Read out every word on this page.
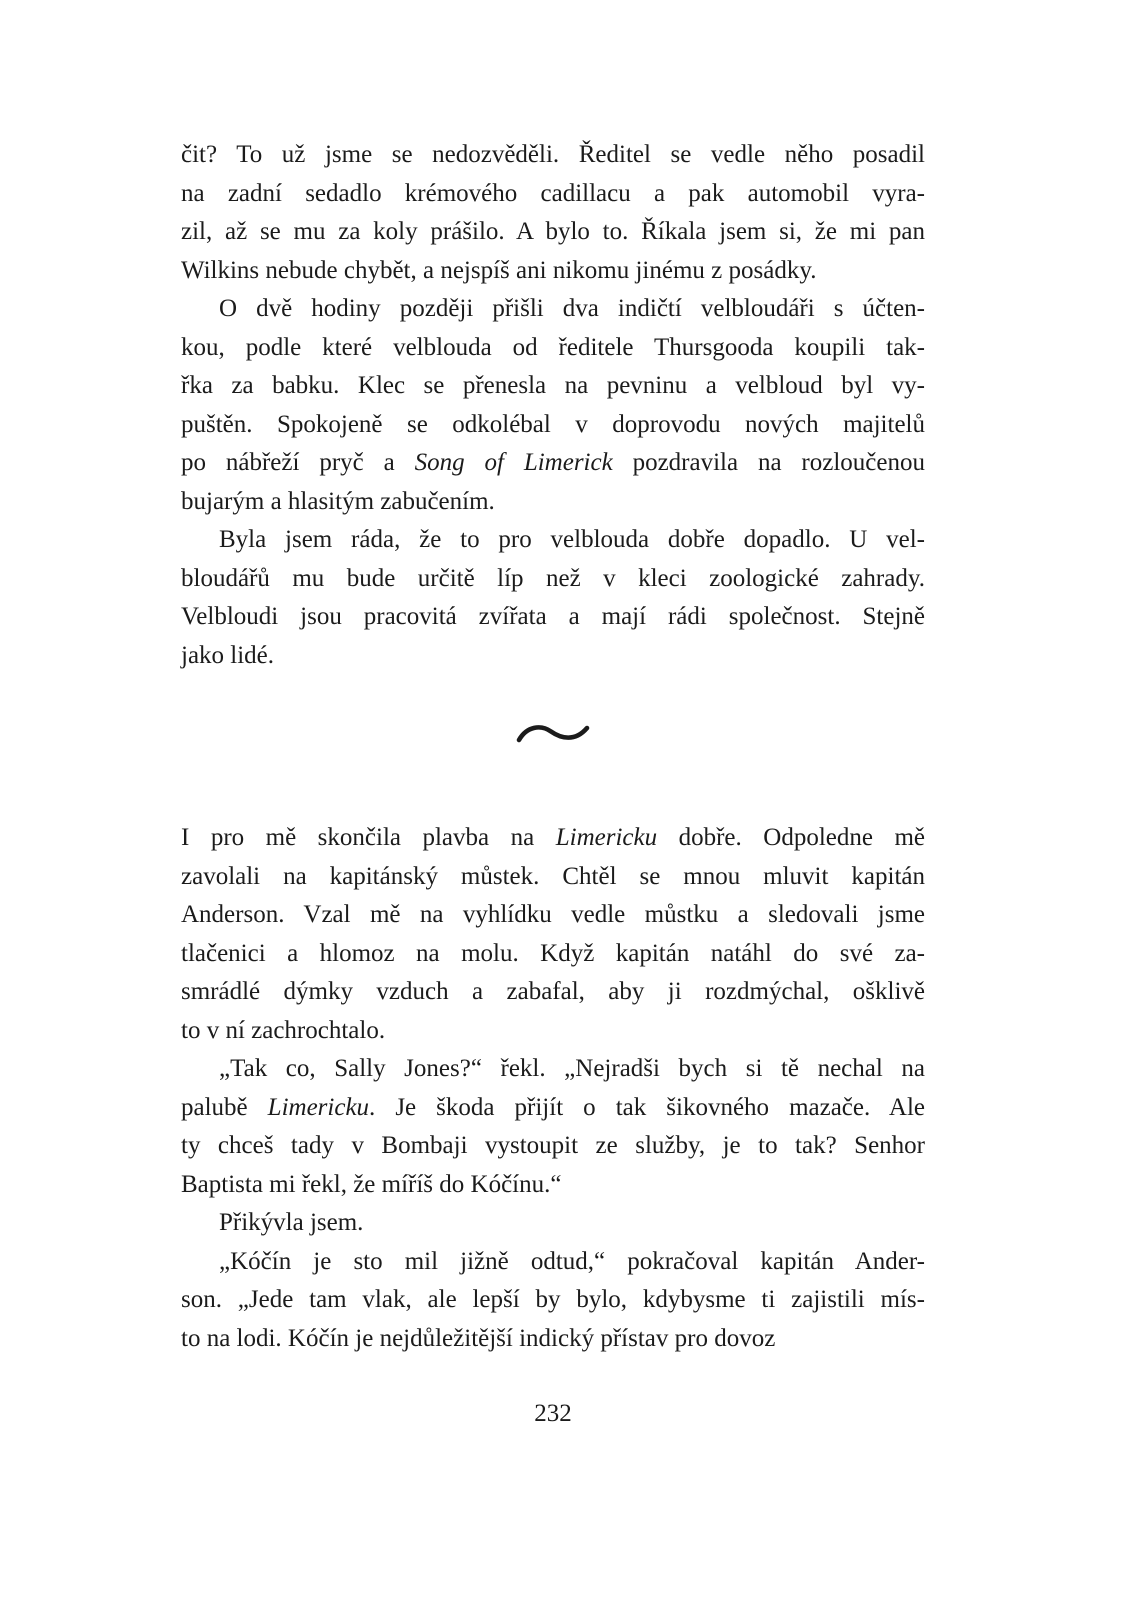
čit? To už jsme se nedozvěděli. Ředitel se vedle něho posadil
na zadní sedadlo krémového cadillacu a pak automobil vyra-
zil, až se mu za koly prášilo. A bylo to. Říkala jsem si, že mi pan
Wilkins nebude chybět, a nejspíš ani nikomu jinému z posádky.
O dvě hodiny později přišli dva indičtí velbloudáři s účten-
kou, podle které velblouda od ředitele Thursgooda koupili tak-
řka za babku. Klec se přenesla na pevninu a velbloud byl vy-
puštěn. Spokojeně se odkolébal v doprovodu nových majitelů
po nábřeží pryč a Song of Limerick pozdravila na rozloučenou
bujarým a hlasitým zabučením.
Byla jsem ráda, že to pro velblouda dobře dopadlo. U vel-
bloudářů mu bude určitě líp než v kleci zoologické zahrady.
Velbloudi jsou pracovitá zvířata a mají rádi společnost. Stejně
jako lidé.
I pro mě skončila plavba na Limericku dobře. Odpoledne mě
zavolali na kapitánský můstek. Chtěl se mnou mluvit kapitán
Anderson. Vzal mě na vyhlídku vedle můstku a sledovali jsme
tlačenici a hlomoz na molu. Když kapitán natáhl do své za-
smrádlé dýmky vzduch a zabafal, aby ji rozdmýchal, ošklivě
to v ní zachrochtalo.
„Tak co, Sally Jones?“ řekl. „Nejradši bych si tě nechal na
palubě Limericku. Je škoda přijít o tak šikovného mazače. Ale
ty chceš tady v Bombaji vystoupit ze služby, je to tak? Senhor
Baptista mi řekl, že míříš do Kóčínu.“
Přikývla jsem.
„Kóčín je sto mil jižně odtud,“ pokračoval kapitán Ander-
son. „Jede tam vlak, ale lepší by bylo, kdybysme ti zajistili mís-
to na lodi. Kóčín je nejdůležitější indický přístav pro dovoz
232
